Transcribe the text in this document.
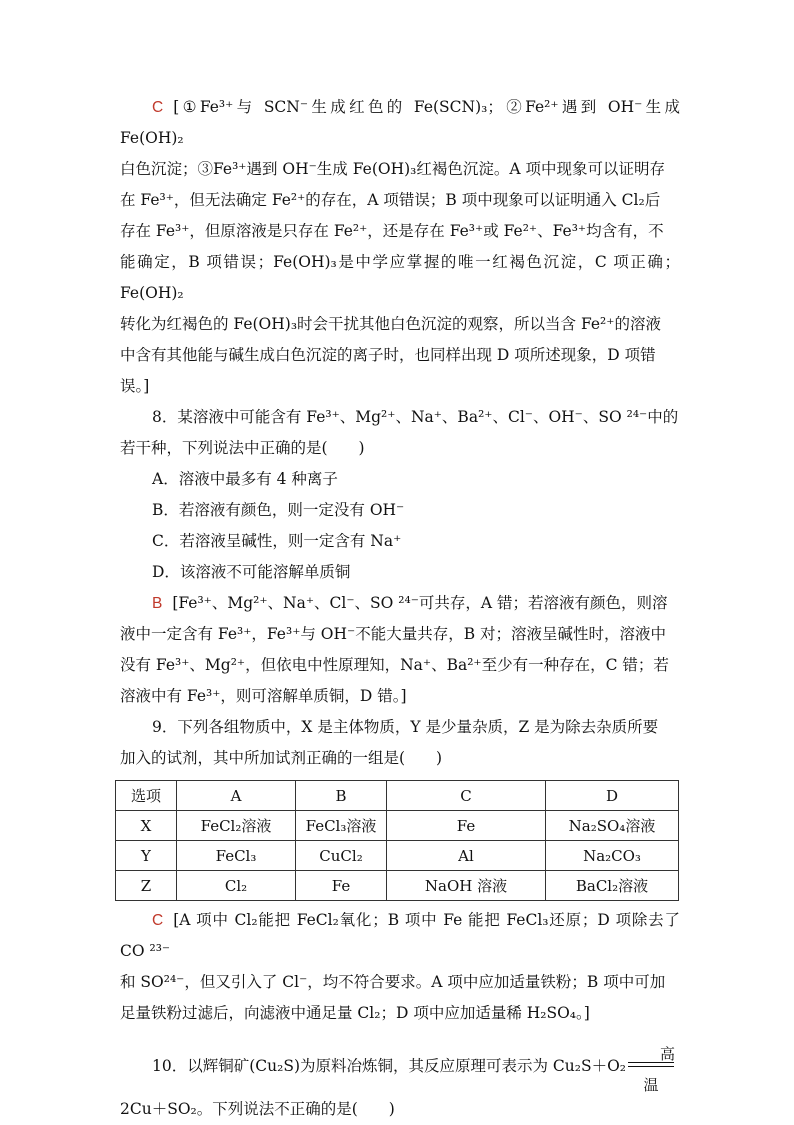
C [①Fe³⁺与 SCN⁻生成红色的 Fe(SCN)₃；②Fe²⁺遇到 OH⁻生成 Fe(OH)₂

白色沉淀；③Fe³⁺遇到 OH⁻生成 Fe(OH)₃红褐色沉淀。A 项中现象可以证明存

在 Fe³⁺，但无法确定 Fe²⁺的存在，A 项错误；B 项中现象可以证明通入 Cl₂后

存在 Fe³⁺，但原溶液是只存在 Fe²⁺，还是存在 Fe³⁺或 Fe²⁺、Fe³⁺均含有，不

能确定，B 项错误；Fe(OH)₃是中学应掌握的唯一红褐色沉淀，C 项正确；Fe(OH)₂

转化为红褐色的 Fe(OH)₃时会干扰其他白色沉淀的观察，所以当含 Fe²⁺的溶液

中含有其他能与碱生成白色沉淀的离子时，也同样出现 D 项所述现象，D 项错

误。]

8．某溶液中可能含有 Fe³⁺、Mg²⁺、Na⁺、Ba²⁺、Cl⁻、OH⁻、SO ²⁴⁻中的

若干种，下列说法中正确的是(　　)

A．溶液中最多有 4 种离子

B．若溶液有颜色，则一定没有 OH⁻

C．若溶液呈碱性，则一定含有 Na⁺

D．该溶液不可能溶解单质铜

B [Fe³⁺、Mg²⁺、Na⁺、Cl⁻、SO ²⁴⁻可共存，A 错；若溶液有颜色，则溶

液中一定含有 Fe³⁺，Fe³⁺与 OH⁻不能大量共存，B 对；溶液呈碱性时，溶液中

没有 Fe³⁺、Mg²⁺，但依电中性原理知，Na⁺、Ba²⁺至少有一种存在，C 错；若

溶液中有 Fe³⁺，则可溶解单质铜，D 错。]

9．下列各组物质中，X 是主体物质，Y 是少量杂质，Z 是为除去杂质所要

加入的试剂，其中所加试剂正确的一组是(　　)

选项	A	B	C	D
X	FeCl₂溶液	FeCl₃溶液	Fe	Na₂SO₄溶液
Y	FeCl₃	CuCl₂	Al	Na₂CO₃
Z	Cl₂	Fe	NaOH 溶液	BaCl₂溶液

C [A 项中 Cl₂能把 FeCl₂氧化；B 项中 Fe 能把 FeCl₃还原；D 项除去了 CO ²³⁻

和 SO²⁴⁻，但又引入了 Cl⁻，均不符合要求。A 项中应加适量铁粉；B 项中可加

足量铁粉过滤后，向滤液中通足量 Cl₂；D 项中应加适量稀 H₂SO₄。]

10．以辉铜矿(Cu₂S)为原料冶炼铜，其反应原理可表示为 Cu₂S＋O₂
高温

2Cu＋SO₂。下列说法不正确的是(　　)
